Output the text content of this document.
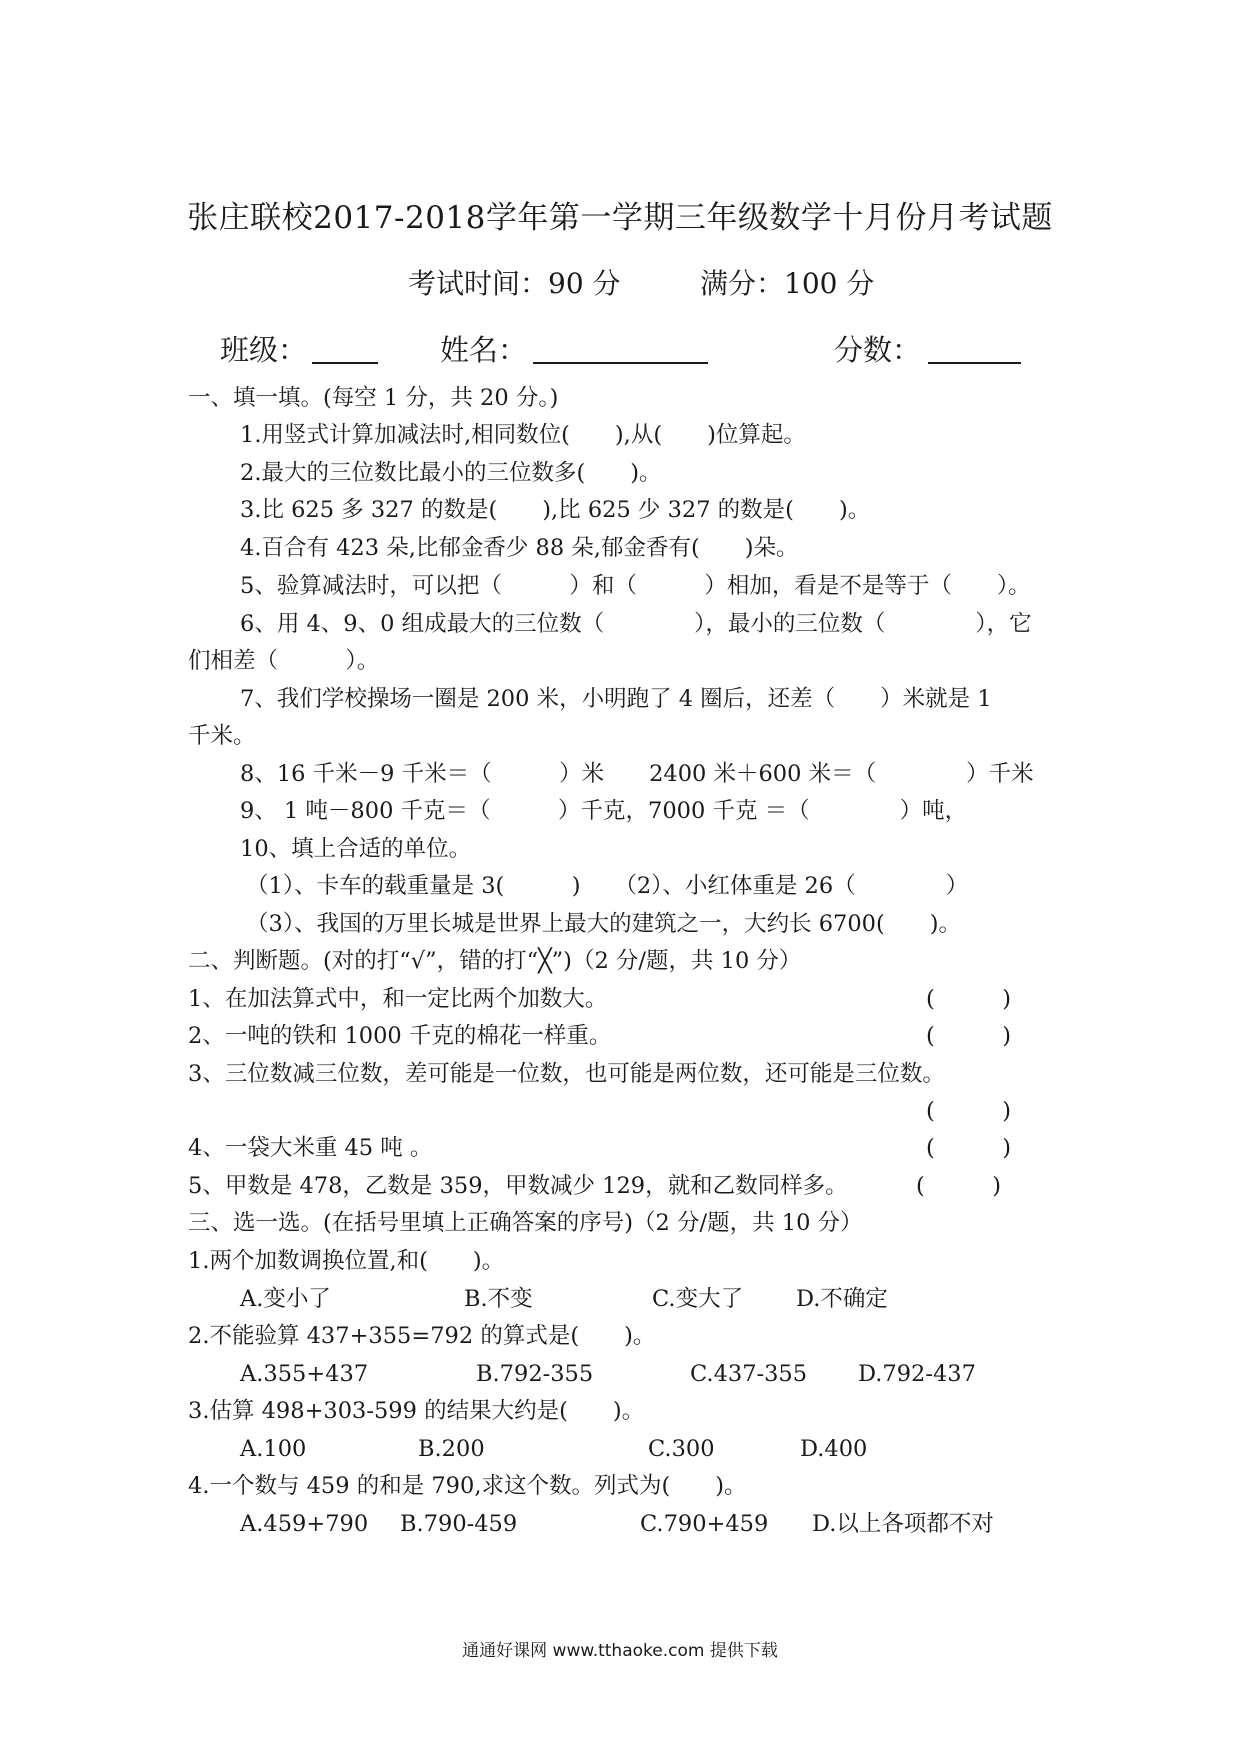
张庄联校2017-2018学年第一学期三年级数学十月份月考试题
考试时间：90 分	满分：100 分
班级：	姓名：	分数：
一、填一填。(每空 1 分，共 20 分。)
1.用竖式计算加减法时,相同数位(　　),从(　　)位算起。
2.最大的三位数比最小的三位数多(　　)。
3.比 625 多 327 的数是(　　),比 625 少 327 的数是(　　)。
4.百合有 423 朵,比郁金香少 88 朵,郁金香有(　　)朵。
5、验算减法时，可以把（　　　）和（　　　）相加，看是不是等于（　　）。
6、用 4、9、0 组成最大的三位数（　　　　），最小的三位数（　　　　），它
们相差（　　　）。
7、我们学校操场一圈是 200 米，小明跑了 4 圈后，还差（　　）米就是 1
千米。
8、16 千米－9 千米＝（　　　）米　　2400 米＋600 米＝（　　　　）千米
9、 1 吨－800 千克＝（　　　）千克，7000 千克 ＝（　　　　）吨，
10、填上合适的单位。
（1）、卡车的载重量是 3(　　　)　　（2）、小红体重是 26（　　　　）
（3）、我国的万里长城是世界上最大的建筑之一，大约长 6700(　　)。
二、判断题。(对的打“√”，错的打“╳”)（2 分/题，共 10 分）
1、在加法算式中，和一定比两个加数大。	(　　　)
2、一吨的铁和 1000 千克的棉花一样重。	(　　　)
3、三位数减三位数，差可能是一位数，也可能是两位数，还可能是三位数。
(　　　)
4、一袋大米重 45 吨 。	(　　　)
5、甲数是 478，乙数是 359，甲数减少 129，就和乙数同样多。	(　　　)
三、选一选。(在括号里填上正确答案的序号)（2 分/题，共 10 分）
1.两个加数调换位置,和(　　)。
A.变小了	B.不变	C.变大了 D.不确定
2.不能验算 437+355=792 的算式是(　　)。
A.355+437	B.792-355	C.437-355 D.792-437
3.估算 498+303-599 的结果大约是(　　)。
A.100	B.200	C.300	D.400
4.一个数与 459 的和是 790,求这个数。列式为(　　)。
A.459+790 B.790-459	C.790+459 D.以上各项都不对
通通好课网 www.tthaoke.com 提供下载
